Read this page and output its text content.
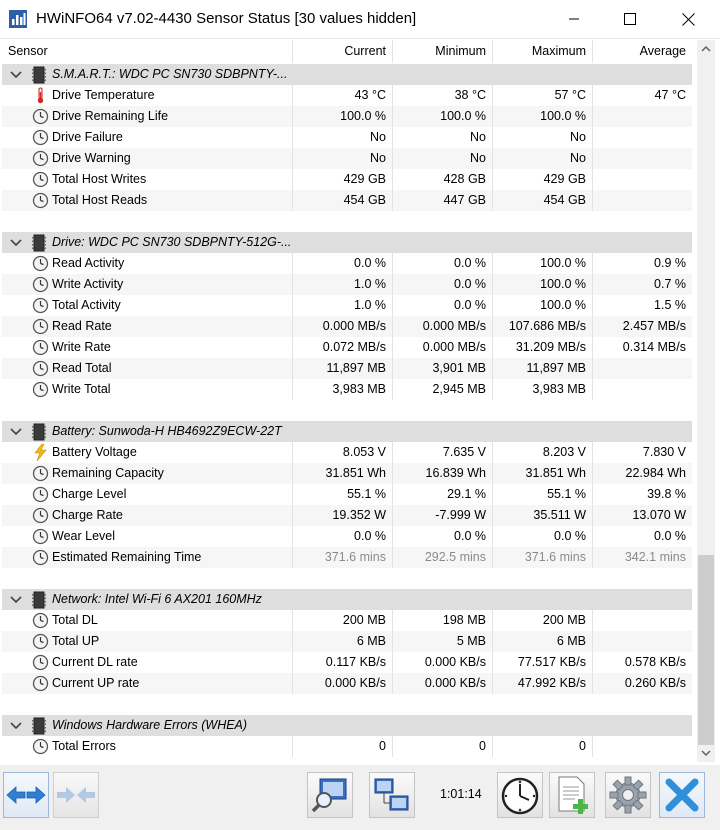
HWiNFO64 v7.02-4430 Sensor Status [30 values hidden]
Sensor	Current	Minimum	Maximum	Average
S.M.A.R.T.: WDC PC SN730 SDBPNTY-...
Drive Temperature	43 °C	38 °C	57 °C	47 °C
Drive Remaining Life	100.0 %	100.0 %	100.0 %
Drive Failure	No	No	No
Drive Warning	No	No	No
Total Host Writes	429 GB	428 GB	429 GB
Total Host Reads	454 GB	447 GB	454 GB
Drive: WDC PC SN730 SDBPNTY-512G-...
Read Activity	0.0 %	0.0 %	100.0 %	0.9 %
Write Activity	1.0 %	0.0 %	100.0 %	0.7 %
Total Activity	1.0 %	0.0 %	100.0 %	1.5 %
Read Rate	0.000 MB/s	0.000 MB/s	107.686 MB/s	2.457 MB/s
Write Rate	0.072 MB/s	0.000 MB/s	31.209 MB/s	0.314 MB/s
Read Total	11,897 MB	3,901 MB	11,897 MB
Write Total	3,983 MB	2,945 MB	3,983 MB
Battery: Sunwoda-H HB4692Z9ECW-22T
Battery Voltage	8.053 V	7.635 V	8.203 V	7.830 V
Remaining Capacity	31.851 Wh	16.839 Wh	31.851 Wh	22.984 Wh
Charge Level	55.1 %	29.1 %	55.1 %	39.8 %
Charge Rate	19.352 W	-7.999 W	35.511 W	13.070 W
Wear Level	0.0 %	0.0 %	0.0 %	0.0 %
Estimated Remaining Time	371.6 mins	292.5 mins	371.6 mins	342.1 mins
Network: Intel Wi-Fi 6 AX201 160MHz
Total DL	200 MB	198 MB	200 MB
Total UP	6 MB	5 MB	6 MB
Current DL rate	0.117 KB/s	0.000 KB/s	77.517 KB/s	0.578 KB/s
Current UP rate	0.000 KB/s	0.000 KB/s	47.992 KB/s	0.260 KB/s
Windows Hardware Errors (WHEA)
Total Errors	0	0	0
1:01:14
